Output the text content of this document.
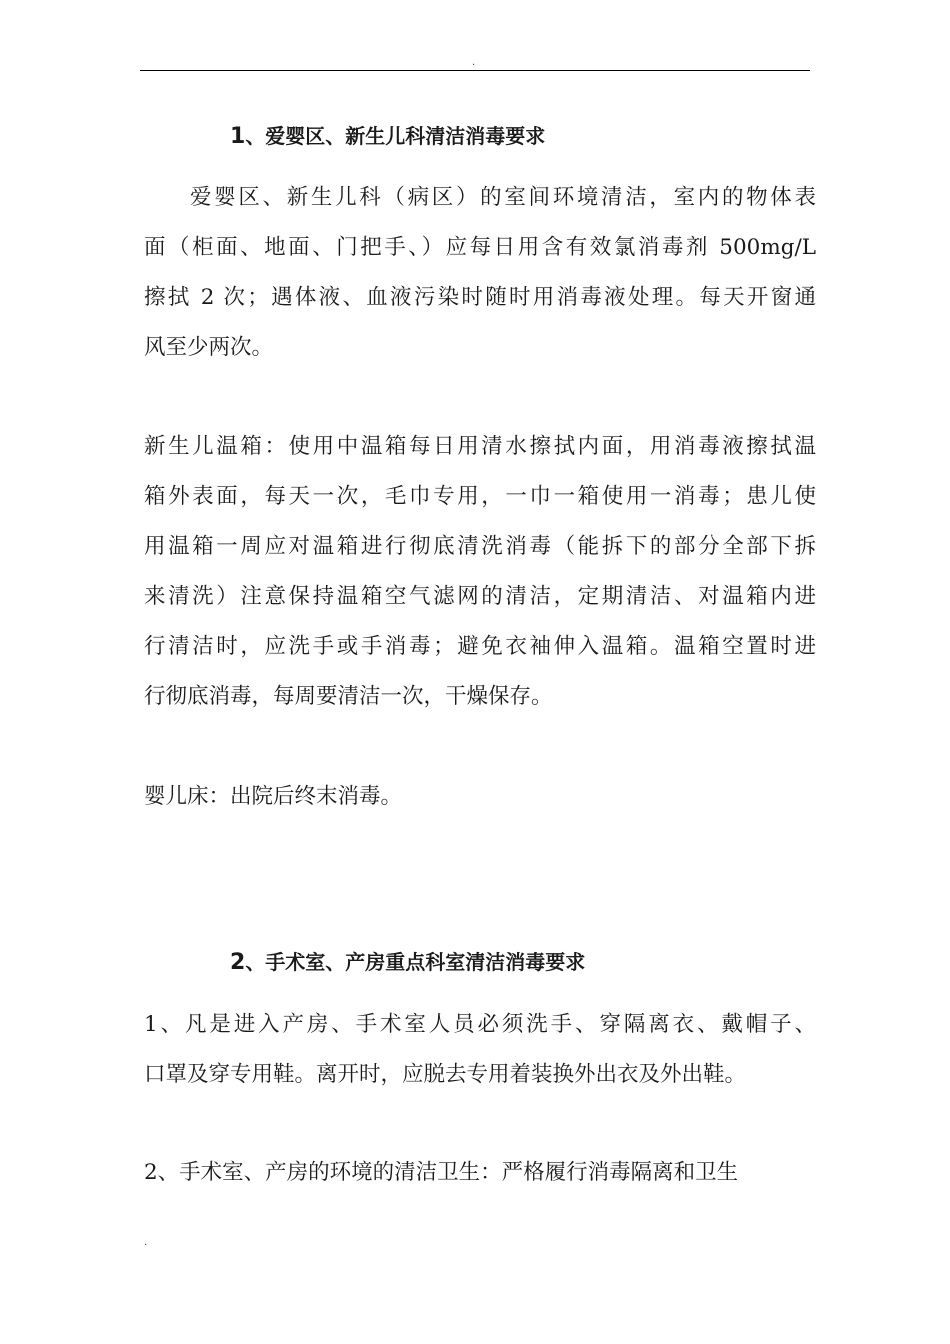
.
1、爱婴区、新生儿科清洁消毒要求
爱婴区、新生儿科（病区）的室间环境清洁，室内的物体表
面（柜面、地面、门把手、）应每日用含有效氯消毒剂 500mg/L
擦拭 2 次；遇体液、血液污染时随时用消毒液处理。每天开窗通
风至少两次。
新生儿温箱：使用中温箱每日用清水擦拭内面，用消毒液擦拭温
箱外表面，每天一次，毛巾专用，一巾一箱使用一消毒；患儿使
用温箱一周应对温箱进行彻底清洗消毒（能拆下的部分全部下拆
来清洗）注意保持温箱空气滤网的清洁，定期清洁、对温箱内进
行清洁时，应洗手或手消毒；避免衣袖伸入温箱。温箱空置时进
行彻底消毒，每周要清洁一次，干燥保存。
婴儿床：出院后终末消毒。
2、手术室、产房重点科室清洁消毒要求
1、凡是进入产房、手术室人员必须洗手、穿隔离衣、戴帽子、
口罩及穿专用鞋。离开时，应脱去专用着装换外出衣及外出鞋。
2、手术室、产房的环境的清洁卫生：严格履行消毒隔离和卫生
.
